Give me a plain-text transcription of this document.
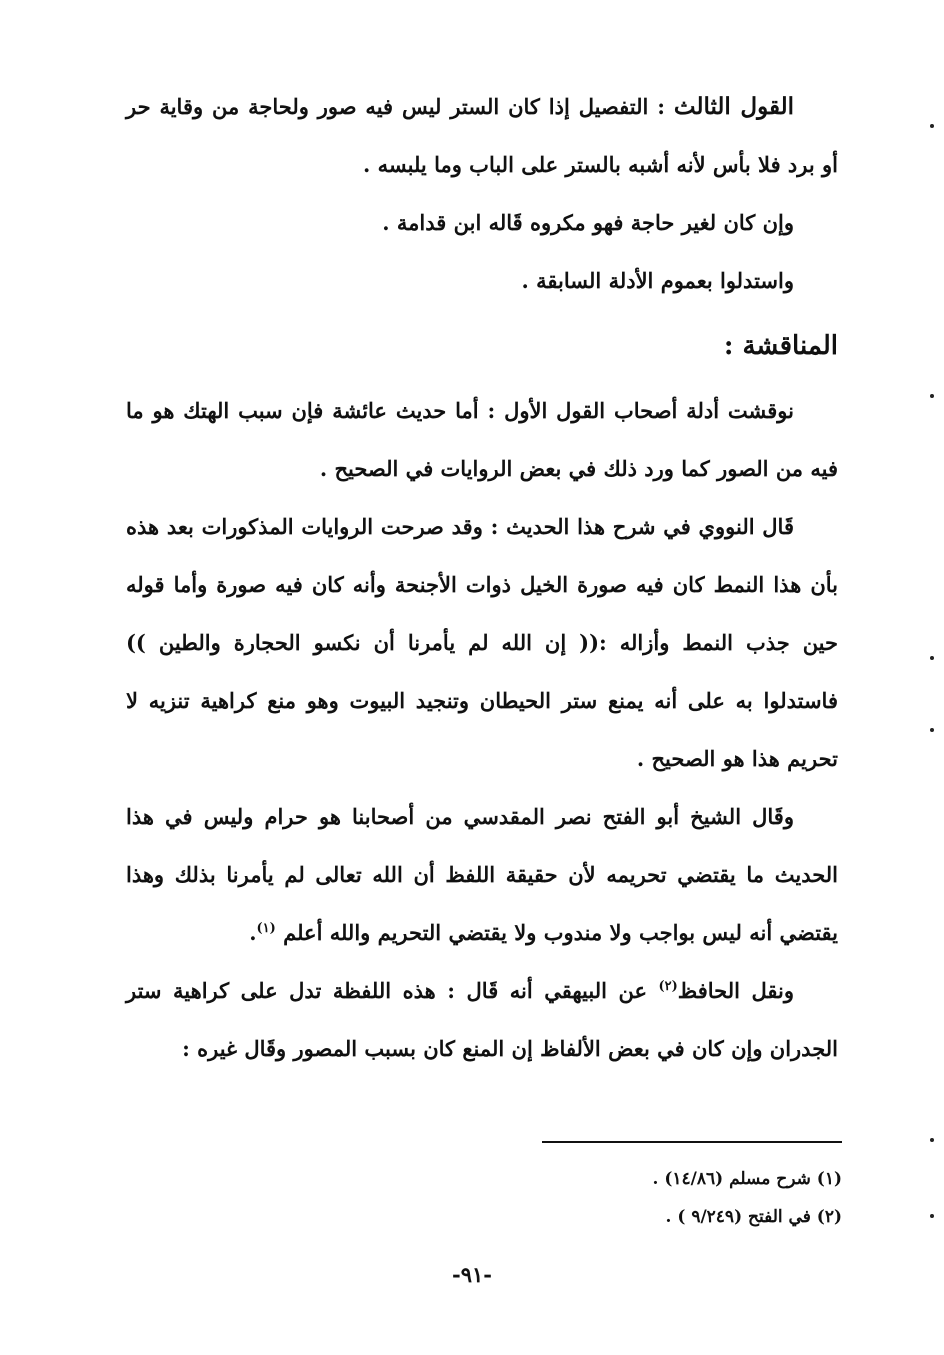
القول الثالث : التفصيل إذا كان الستر ليس فيه صور ولحاجة من وقاية حر أو برد فلا بأس لأنه أشبه بالستر على الباب وما يلبسه .

وإن كان لغير حاجة فهو مكروه قَاله ابن قدامة .

واستدلوا بعموم الأدلة السابقة .

المناقشة :

نوقشت أدلة أصحاب القول الأول : أما حديث عائشة فإن سبب الهتك هو ما فيه من الصور كما ورد ذلك في بعض الروايات في الصحيح .

قَال النووي في شرح هذا الحديث : وقد صرحت الروايات المذكورات بعد هذه بأن هذا النمط كان فيه صورة الخيل ذوات الأجنحة وأنه كان فيه صورة وأما قوله حين جذب النمط وأزاله :(( إن الله لم يأمرنا أن نكسو الحجارة والطين )) فاستدلوا به على أنه يمنع ستر الحيطان وتنجيد البيوت وهو منع كراهية تنزيه لا تحريم هذا هو الصحيح .

وقَال الشيخ أبو الفتح نصر المقدسي من أصحابنا هو حرام وليس في هذا الحديث ما يقتضي تحريمه لأن حقيقة اللفظ أن الله تعالى لم يأمرنا بذلك وهذا يقتضي أنه ليس بواجب ولا مندوب ولا يقتضي التحريم والله أعلم $^{(١)}$.

ونقل الحافظ$^{(٢)}$ عن البيهقي أنه قَال : هذه اللفظة تدل على كراهية ستر الجدران وإن كان في بعض الألفاظ إن المنع كان بسبب المصور وقَال غيره :

(١) شرح مسلم (١٤/٨٦) .

(٢) في الفتح (٩/٢٤٩ ) .

-٩١-
